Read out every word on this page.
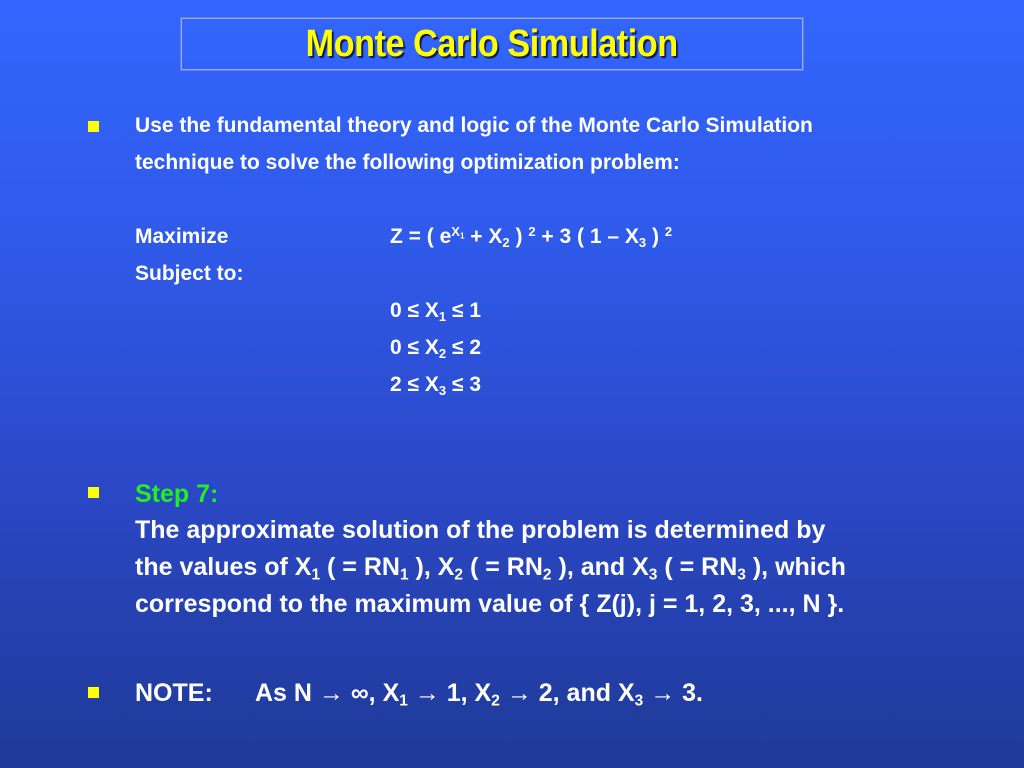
Monte Carlo Simulation
Use the fundamental theory and logic of the Monte Carlo Simulation
technique to solve the following optimization problem:
Maximize	Z = ( $e^{X_1} + X_2$ ) $^2$ + 3 ( $1 - X_3$ ) $^2$
Subject to:
$0 \le X_1 \le 1$
$0 \le X_2 \le 2$
$2 \le X_3 \le 3$
Step 7:
The approximate solution of the problem is determined by
the values of $X_1$ ( = $RN_1$ ), $X_2$ ( = $RN_2$ ), and $X_3$ ( = $RN_3$ ), which
correspond to the maximum value of { Z(j), j = 1, 2, 3, ..., N }.
NOTE: As N → ∞, $X_1 \to 1$, $X_2 \to 2$, and $X_3 \to 3$.
